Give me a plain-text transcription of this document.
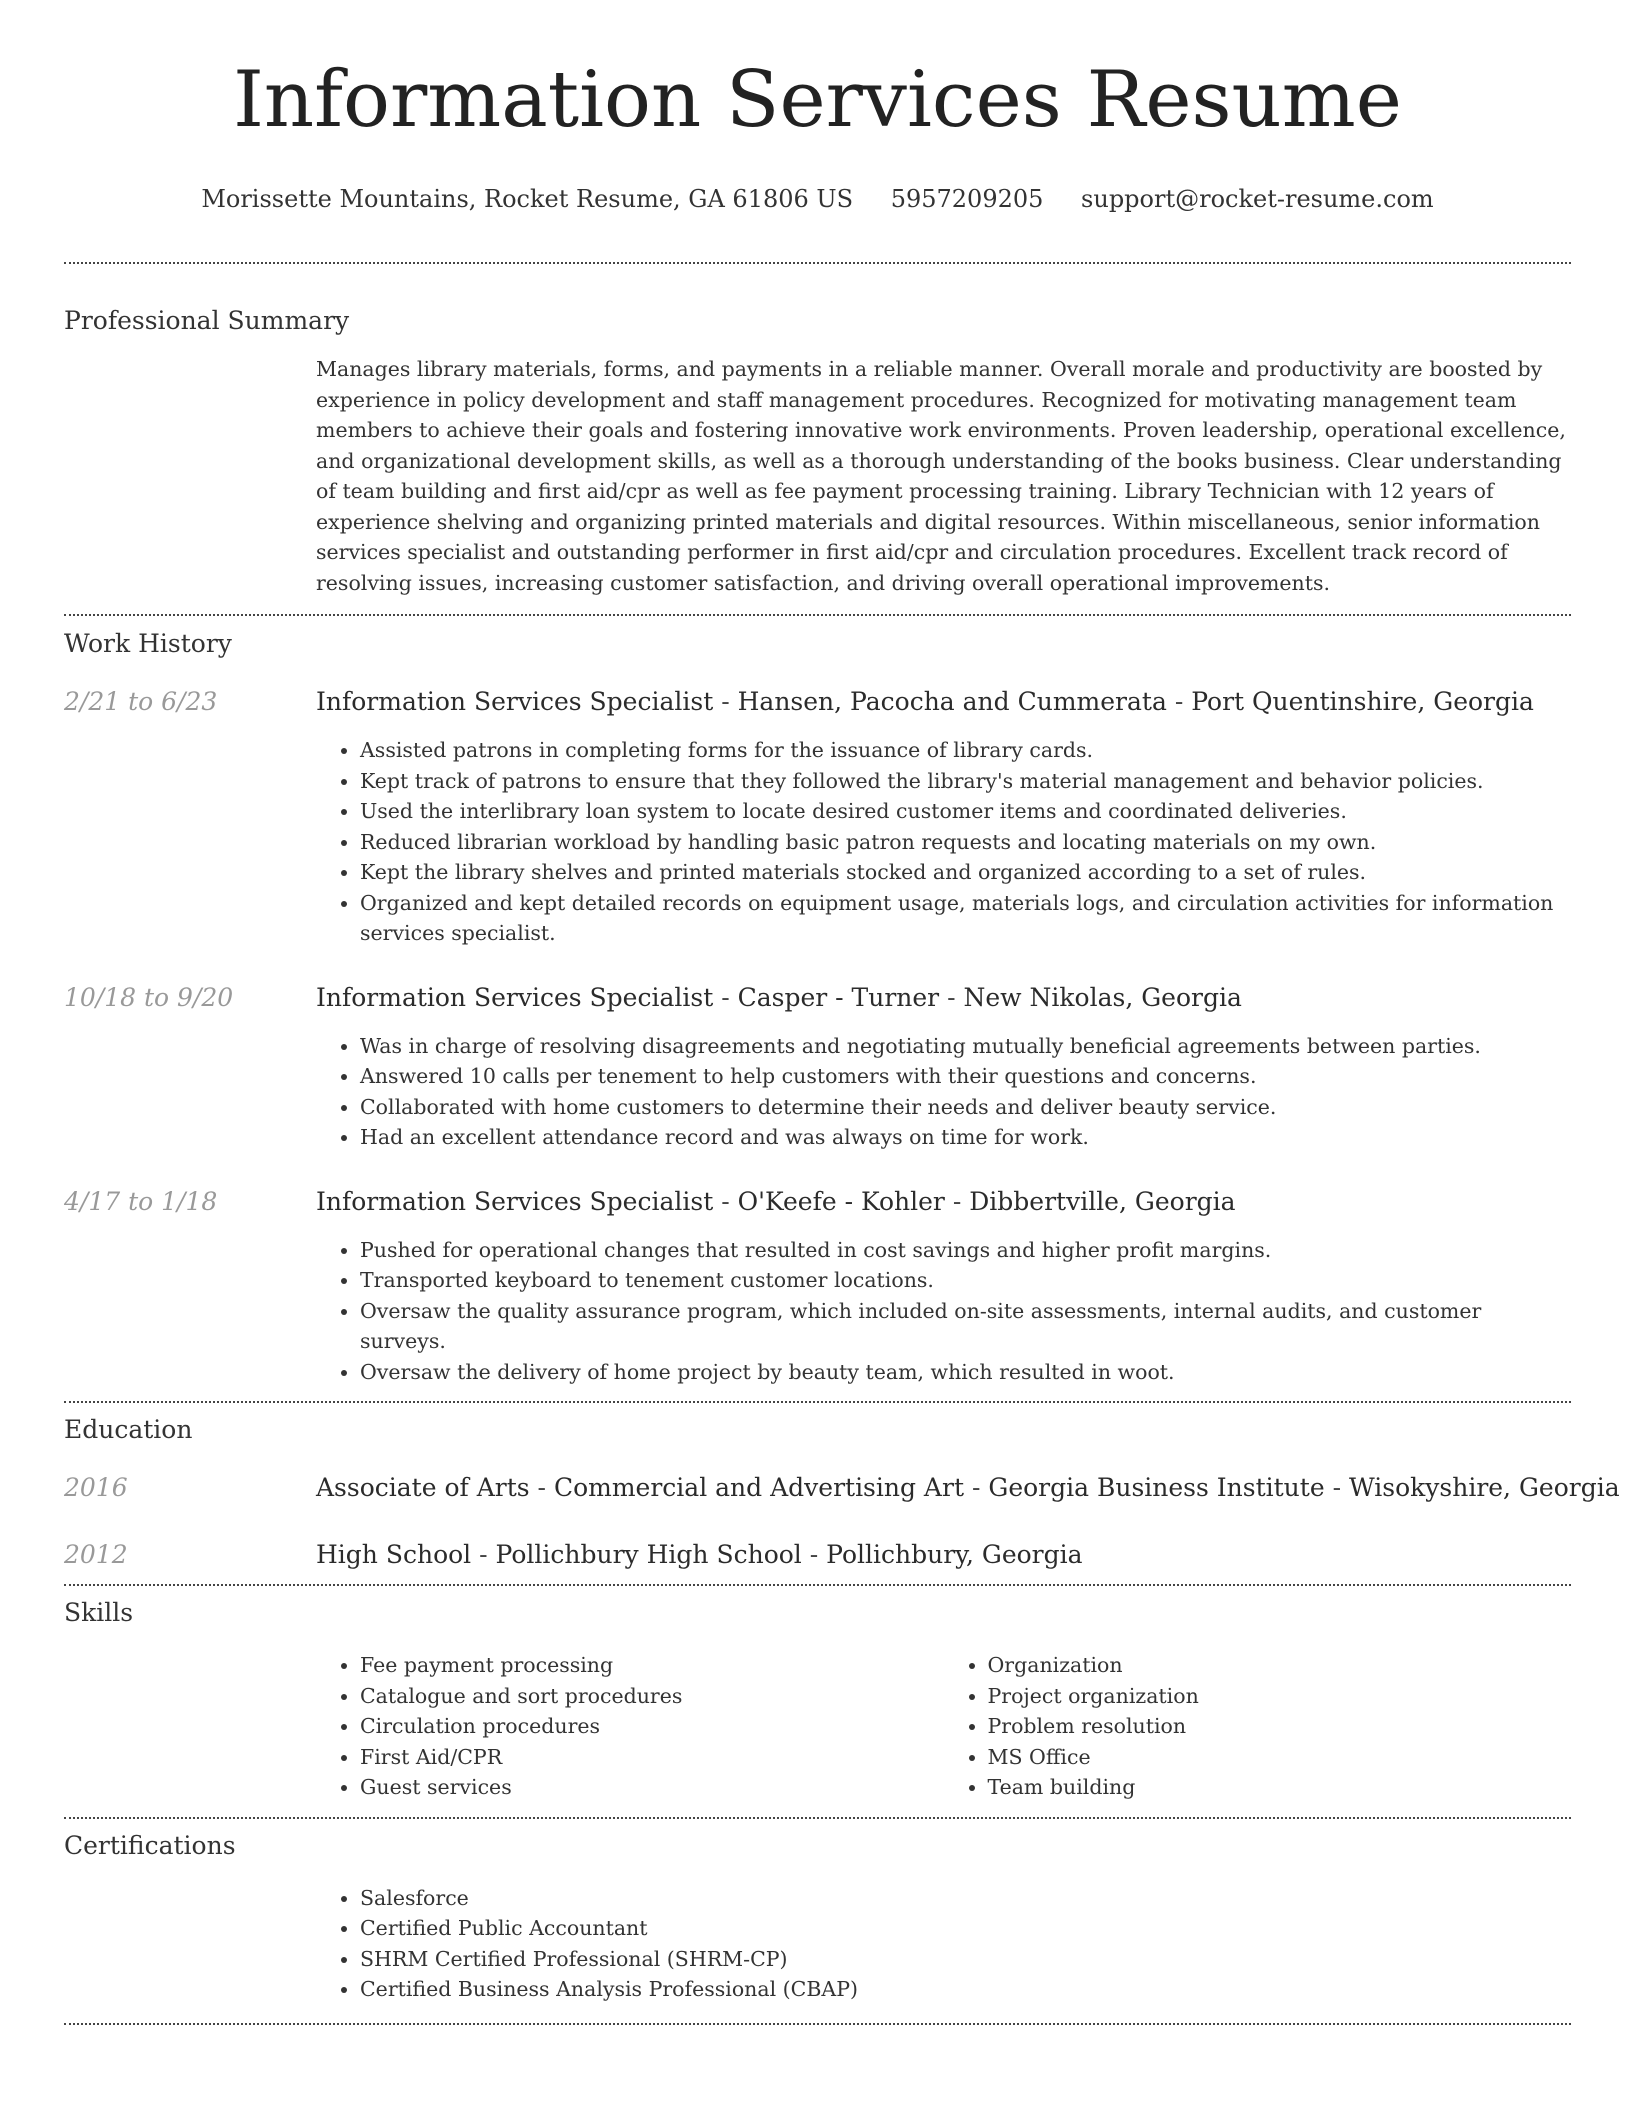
Information Services Resume
Morissette Mountains, Rocket Resume, GA 61806 US 5957209205 support@rocket-resume.com
Professional Summary

Manages library materials, forms, and payments in a reliable manner. Overall morale and productivity are boosted by experience in policy development and staff management procedures. Recognized for motivating management team members to achieve their goals and fostering innovative work environments. Proven leadership, operational excellence, and organizational development skills, as well as a thorough understanding of the books business. Clear understanding of team building and first aid/cpr as well as fee payment processing training. Library Technician with 12 years of experience shelving and organizing printed materials and digital resources. Within miscellaneous, senior information services specialist and outstanding performer in first aid/cpr and circulation procedures. Excellent track record of resolving issues, increasing customer satisfaction, and driving overall operational improvements.

Work History
2/21 to 6/23	Information Services Specialist - Hansen, Pacocha and Cummerata - Port Quentinshire, Georgia
• Assisted patrons in completing forms for the issuance of library cards.
• Kept track of patrons to ensure that they followed the library's material management and behavior policies.
• Used the interlibrary loan system to locate desired customer items and coordinated deliveries.
• Reduced librarian workload by handling basic patron requests and locating materials on my own.
• Kept the library shelves and printed materials stocked and organized according to a set of rules.
• Organized and kept detailed records on equipment usage, materials logs, and circulation activities for information services specialist.
10/18 to 9/20	Information Services Specialist - Casper - Turner - New Nikolas, Georgia
• Was in charge of resolving disagreements and negotiating mutually beneficial agreements between parties.
• Answered 10 calls per tenement to help customers with their questions and concerns.
• Collaborated with home customers to determine their needs and deliver beauty service.
• Had an excellent attendance record and was always on time for work.
4/17 to 1/18	Information Services Specialist - O'Keefe - Kohler - Dibbertville, Georgia
• Pushed for operational changes that resulted in cost savings and higher profit margins.
• Transported keyboard to tenement customer locations.
• Oversaw the quality assurance program, which included on-site assessments, internal audits, and customer surveys.
• Oversaw the delivery of home project by beauty team, which resulted in woot.
Education
2016	Associate of Arts - Commercial and Advertising Art - Georgia Business Institute - Wisokyshire, Georgia
2012	High School - Pollichbury High School - Pollichbury, Georgia
Skills
• Fee payment processing
• Catalogue and sort procedures
• Circulation procedures
• First Aid/CPR
• Guest services
• Organization
• Project organization
• Problem resolution
• MS Office
• Team building
Certifications
• Salesforce
• Certified Public Accountant
• SHRM Certified Professional (SHRM-CP)
• Certified Business Analysis Professional (CBAP)
